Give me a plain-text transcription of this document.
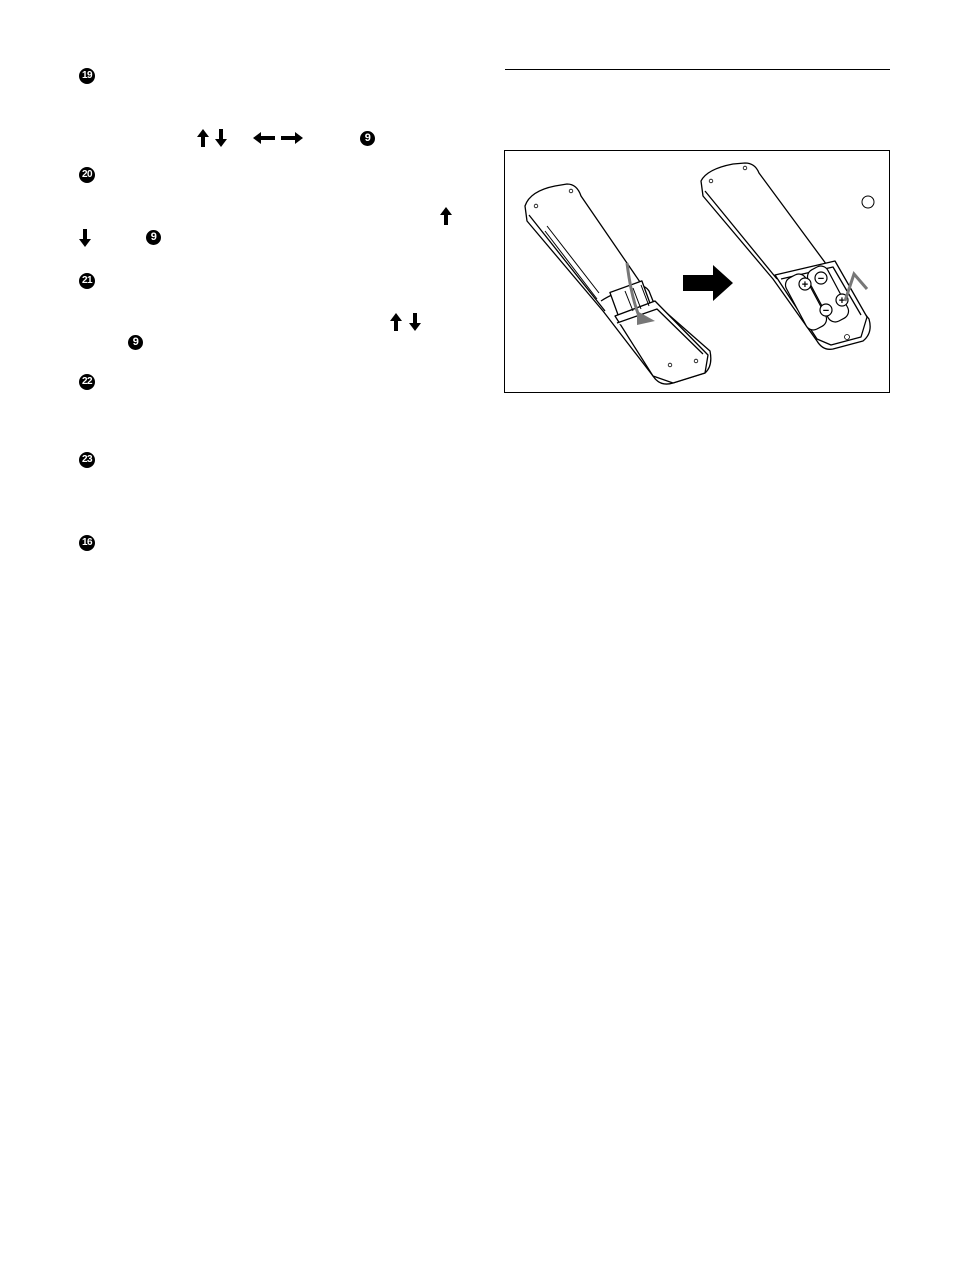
19
9
20
9
21
9
22
23
16
+ −
−
+
